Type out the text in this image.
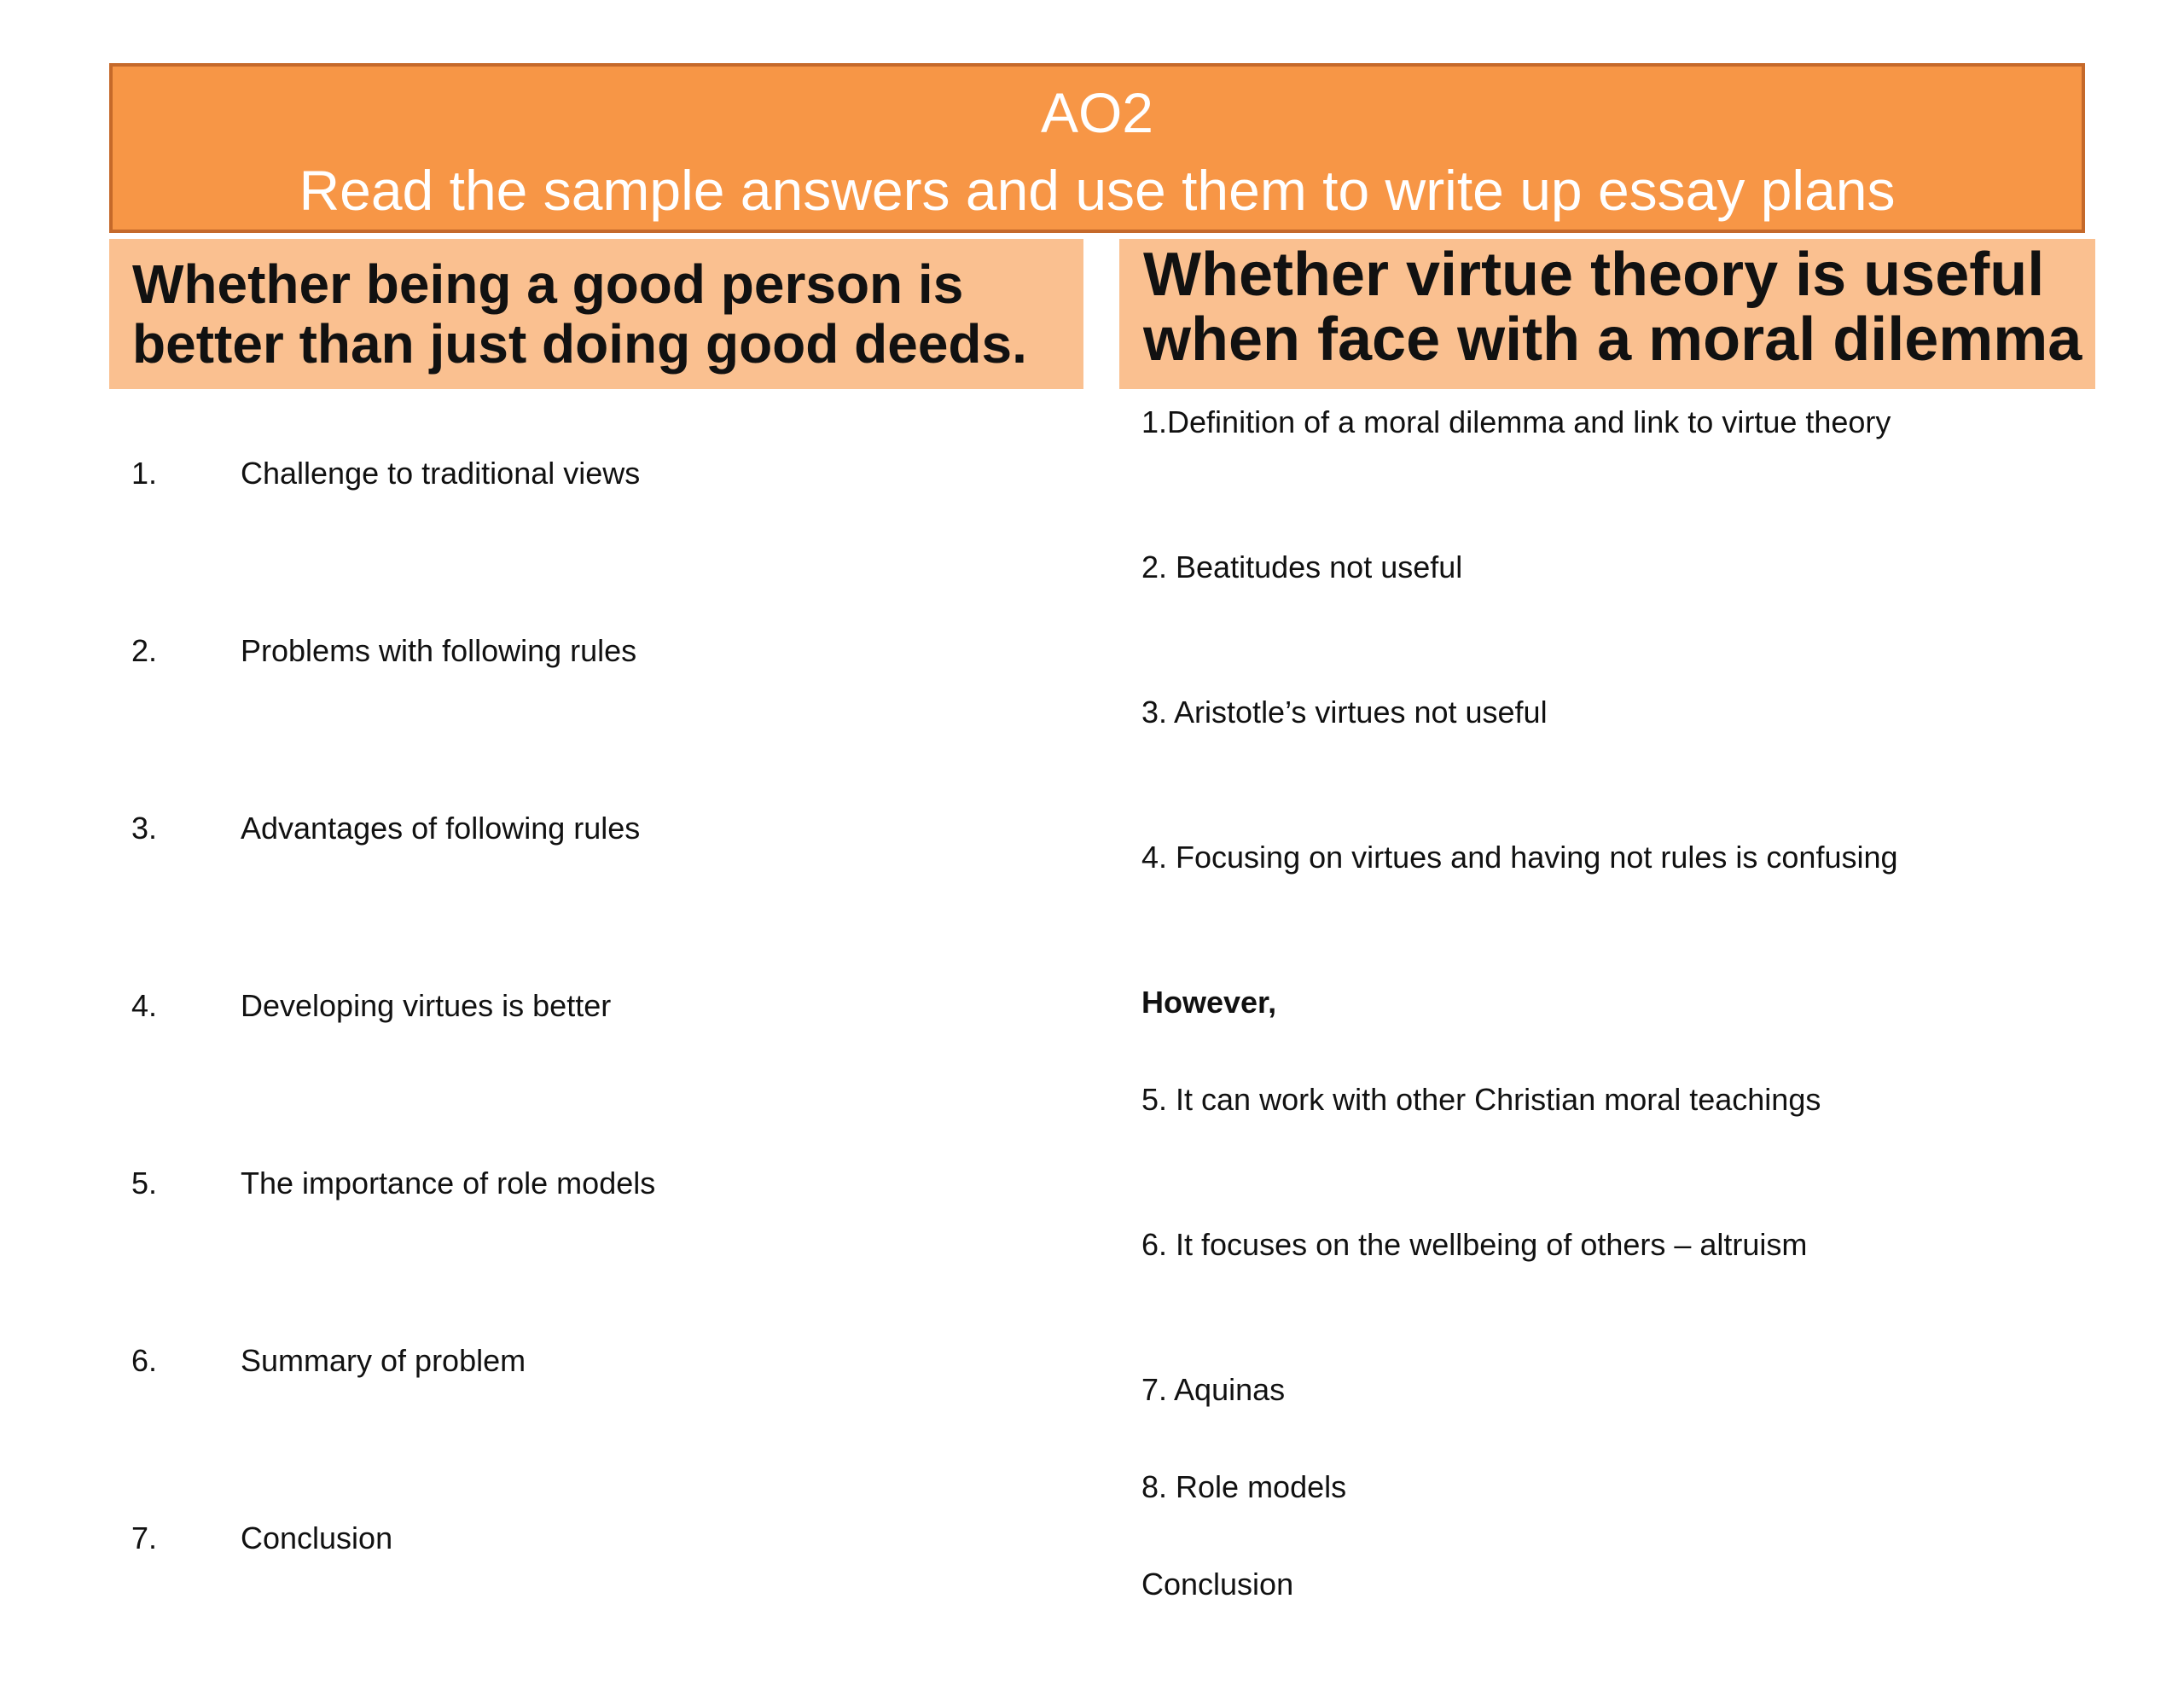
AO2
Read the sample answers and use them to write up essay plans
Whether being a good person is
better than just doing good deeds.
Whether virtue theory is useful
when face with a moral dilemma
1.	Challenge to traditional views
2.	Problems with following rules
3.	Advantages of following rules
4.	Developing virtues is better
5.	The importance of role models
6.	Summary of problem
7.	Conclusion
1.Definition of a moral dilemma and link to virtue theory
2. Beatitudes not useful
3. Aristotle’s virtues not useful
4. Focusing on virtues and having not rules is confusing
However,
5. It can work with other Christian moral teachings
6. It focuses on the wellbeing of others – altruism
7. Aquinas
8. Role models
Conclusion
